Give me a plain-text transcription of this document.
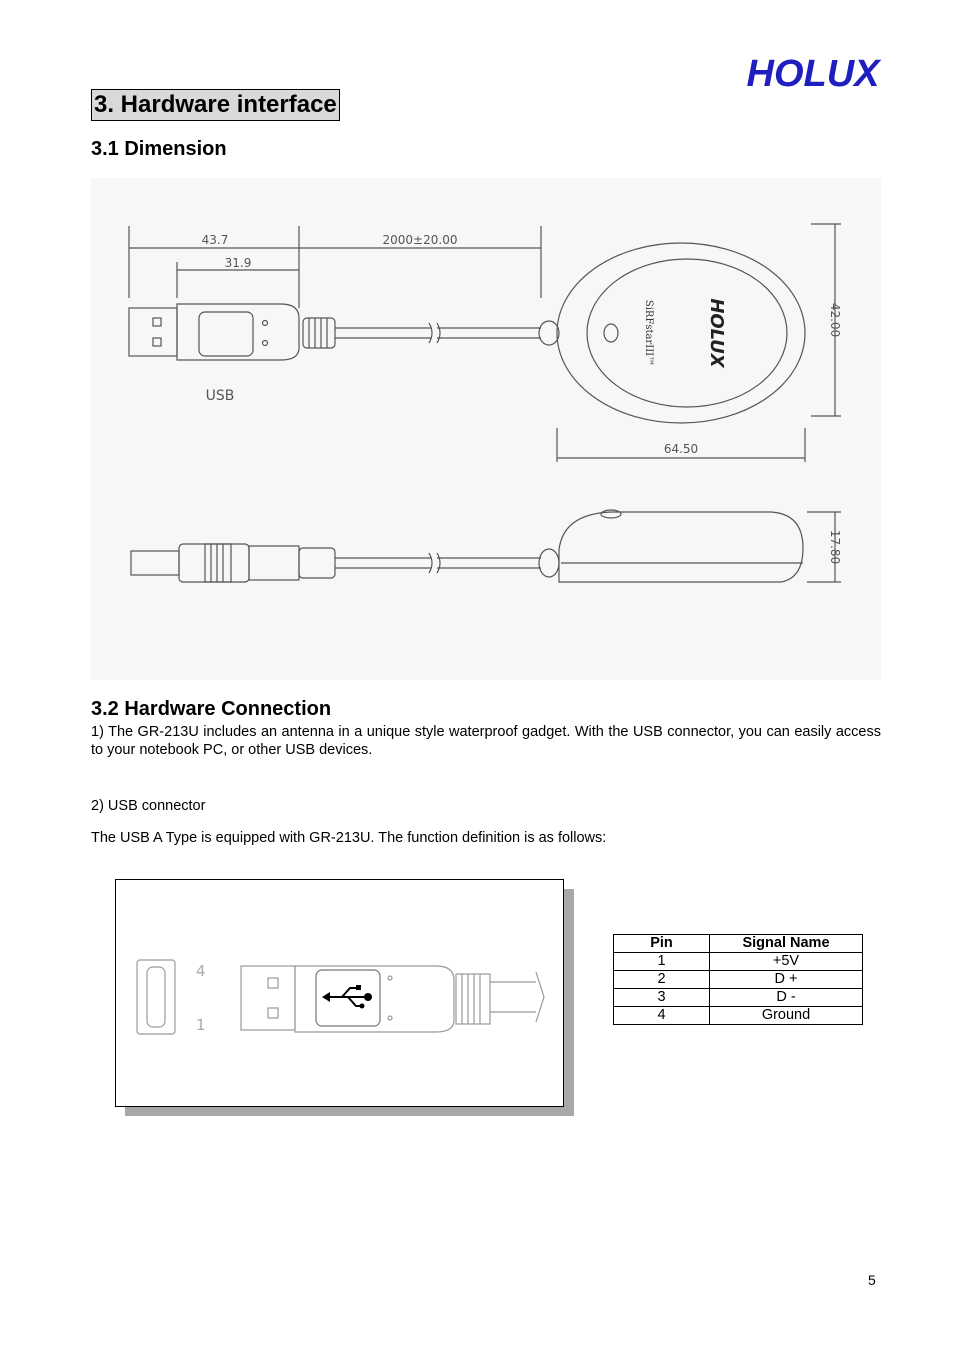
HOLUX
3. Hardware interface
3.1 Dimension
43.7
31.9
2000±20.00
USB
64.50
42.00
17.80
HOLUX
SiRFstarIII™
3.2 Hardware Connection
1) The GR-213U includes an antenna in a unique style waterproof gadget. With the USB connector, you can easily access to your notebook PC, or other USB devices.
2) USB connector
The USB A Type is equipped with GR-213U. The function definition is as follows:
4
1
Pin	Signal Name
1	+5V
2	D +
3	D -
4	Ground
5
